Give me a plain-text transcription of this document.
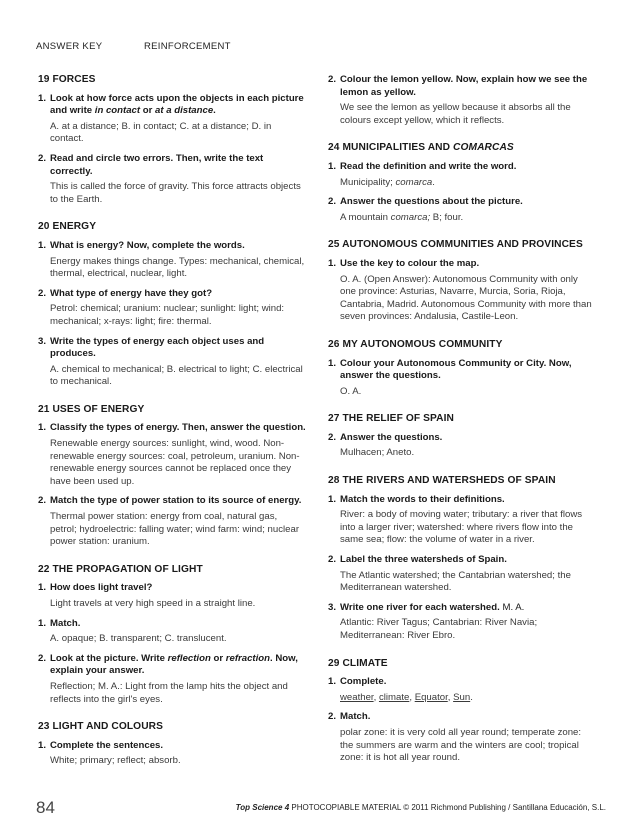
ANSWER KEY	REINFORCEMENT
19 FORCES
1. Look at how force acts upon the objects in each picture and write in contact or at a distance.
A. at a distance; B. in contact; C. at a distance; D. in contact.
2. Read and circle two errors. Then, write the text correctly.
This is called the force of gravity. This force attracts objects to the Earth.
20 ENERGY
1. What is energy? Now, complete the words.
Energy makes things change. Types: mechanical, chemical, thermal, electrical, nuclear, light.
2. What type of energy have they got?
Petrol: chemical; uranium: nuclear; sunlight: light; wind: mechanical; x-rays: light; fire: thermal.
3. Write the types of energy each object uses and produces.
A. chemical to mechanical; B. electrical to light; C. electrical to mechanical.
21 USES OF ENERGY
1. Classify the types of energy. Then, answer the question.
Renewable energy sources: sunlight, wind, wood. Non-renewable energy sources: coal, petroleum, uranium. Non-renewable energy sources cannot be replaced once they have been used up.
2. Match the type of power station to its source of energy.
Thermal power station: energy from coal, natural gas, petrol; hydroelectric: falling water; wind farm: wind; nuclear power station: uranium.
22 THE PROPAGATION OF LIGHT
1. How does light travel?
Light travels at very high speed in a straight line.
1. Match.
A. opaque; B. transparent; C. translucent.
2. Look at the picture. Write reflection or refraction. Now, explain your answer.
Reflection; M. A.: Light from the lamp hits the object and reflects into the girl's eyes.
23 LIGHT AND COLOURS
1. Complete the sentences.
White; primary; reflect; absorb.
2. Colour the lemon yellow. Now, explain how we see the lemon as yellow.
We see the lemon as yellow because it absorbs all the colours except yellow, which it reflects.
24 MUNICIPALITIES AND COMARCAS
1. Read the definition and write the word.
Municipality; comarca.
2. Answer the questions about the picture.
A mountain comarca; B; four.
25 AUTONOMOUS COMMUNITIES AND PROVINCES
1. Use the key to colour the map.
O. A. (Open Answer): Autonomous Community with only one province: Asturias, Navarre, Murcia, Soria, Rioja, Cantabria, Madrid. Autonomous Community with more than seven provinces: Andalusia, Castile-Leon.
26 MY AUTONOMOUS COMMUNITY
1. Colour your Autonomous Community or City. Now, answer the questions.
O. A.
27 THE RELIEF OF SPAIN
2. Answer the questions.
Mulhacen; Aneto.
28 THE RIVERS AND WATERSHEDS OF SPAIN
1. Match the words to their definitions.
River: a body of moving water; tributary: a river that flows into a larger river; watershed: where rivers flow into the same sea; flow: the volume of water in a river.
2. Label the three watersheds of Spain.
The Atlantic watershed; the Cantabrian watershed; the Mediterranean watershed.
3. Write one river for each watershed. M. A.
Atlantic: River Tagus; Cantabrian: River Navia; Mediterranean: River Ebro.
29 CLIMATE
1. Complete.
weather, climate, Equator, Sun.
2. Match.
polar zone: it is very cold all year round; temperate zone: the summers are warm and the winters are cool; tropical zone: it is hot all year round.
84	Top Science 4 PHOTOCOPIABLE MATERIAL © 2011 Richmond Publishing / Santillana Educación, S.L.
